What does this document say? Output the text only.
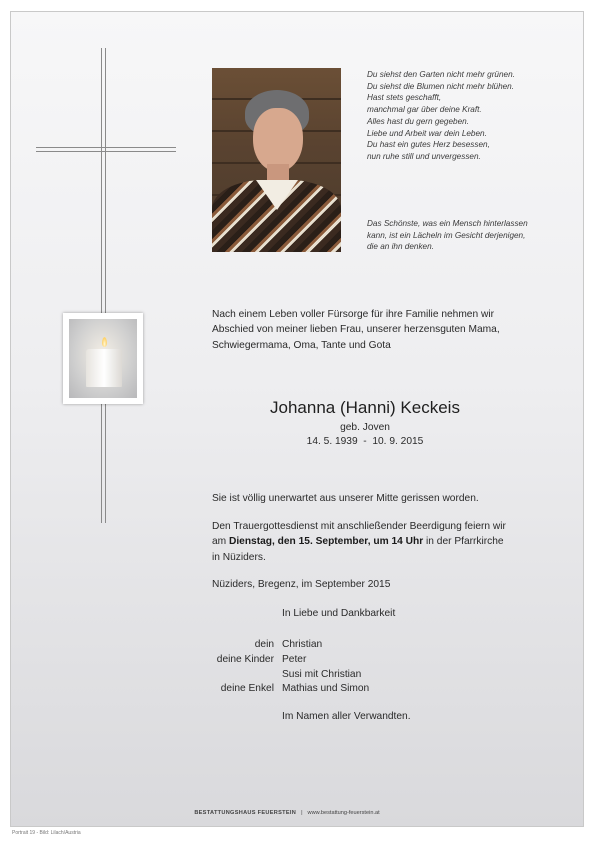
Du siehst den Garten nicht mehr grünen.
Du siehst die Blumen nicht mehr blühen.
Hast stets geschafft,
manchmal gar über deine Kraft.
Alles hast du gern gegeben.
Liebe und Arbeit war dein Leben.
Du hast ein gutes Herz besessen,
nun ruhe still und unvergessen.
Das Schönste, was ein Mensch hinterlassen
kann, ist ein Lächeln im Gesicht derjenigen,
die an ihn denken.
Nach einem Leben voller Fürsorge für ihre Familie nehmen wir
Abschied von meiner lieben Frau, unserer herzensguten Mama,
Schwiegermama, Oma, Tante und Gota
Johanna (Hanni) Keckeis
geb. Joven
14. 5. 1939  -  10. 9. 2015
Sie ist völlig unerwartet aus unserer Mitte gerissen worden.
Den Trauergottesdienst mit anschließender Beerdigung feiern wir
am Dienstag, den 15. September, um 14 Uhr in der Pfarrkirche
in Nüziders.
Nüziders, Bregenz, im September 2015
In Liebe und Dankbarkeit
dein Christian
deine Kinder Peter
Susi mit Christian
deine Enkel Mathias und Simon
Im Namen aller Verwandten.
BESTATTUNGSHAUS FEUERSTEIN | www.bestattung-feuerstein.at
Portrait 19 - Bild: Lilach/Austria
